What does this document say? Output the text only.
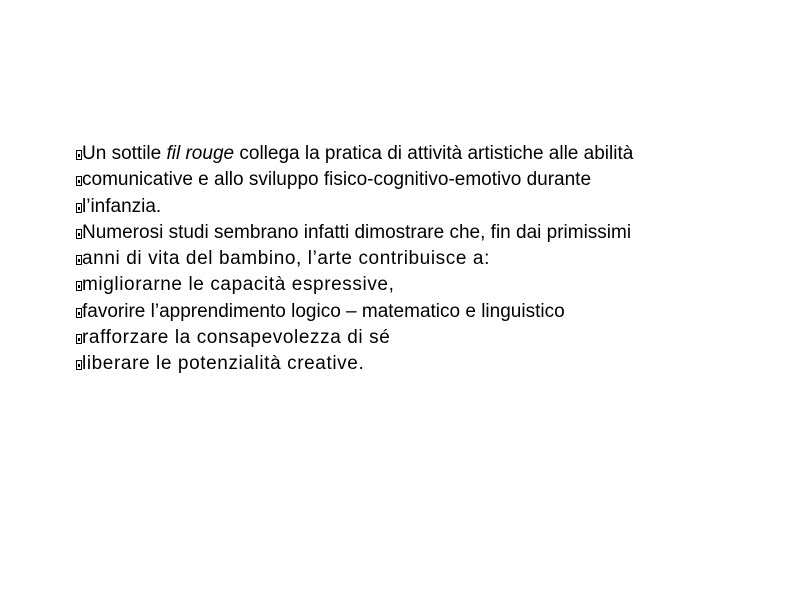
Un sottile fil rouge collega la pratica di attività artistiche alle abilità
comunicative e allo sviluppo fisico-cognitivo-emotivo durante
l’infanzia.
Numerosi studi sembrano infatti dimostrare che, fin dai primissimi
anni di vita del bambino, l’arte contribuisce a:
migliorarne le capacità espressive,
favorire l’apprendimento logico – matematico e linguistico
rafforzare la consapevolezza di sé
liberare le potenzialità creative.
